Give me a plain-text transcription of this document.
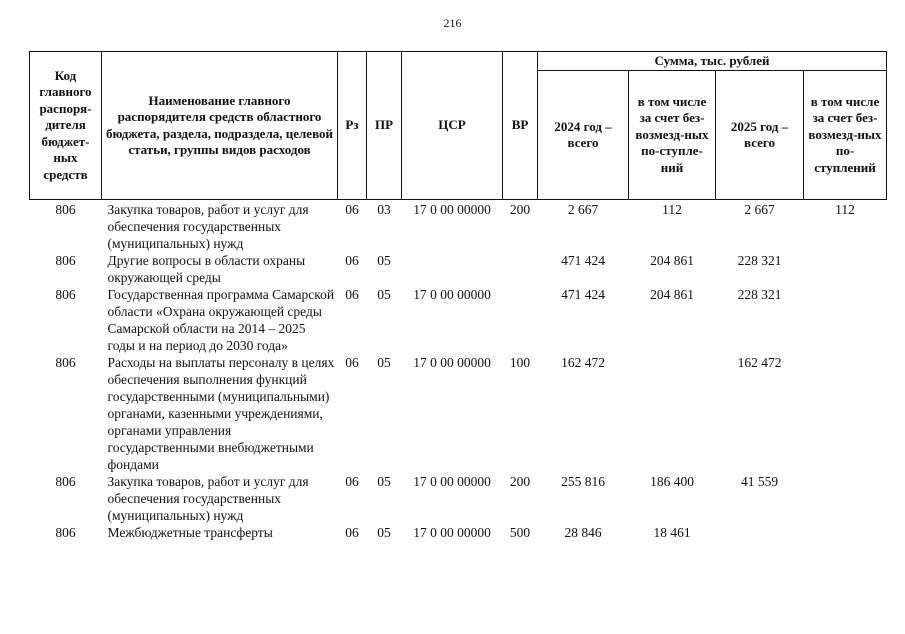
216
Код главного распоря-дителя бюджет-ных средств	Наименование главного распорядителя средств областного бюджета, раздела, подраздела, целевой статьи, группы видов расходов	Рз	ПР	ЦСР	ВР	Сумма, тыс. рублей			
						2024 год – всего	в том числе за счет без-возмезд-ных по-ступле-ний	2025 год – всего	в том числе за счет без-возмезд-ных по-ступлений
806	Закупка товаров, работ и услуг для обеспечения государственных (муниципальных) нужд	06	03	17 0 00 00000	200	2 667	112	2 667	112
806	Другие вопросы в области охраны окружающей среды	06	05			471 424	204 861	228 321	
806	Государственная программа Самарской области «Охрана окружающей среды Самарской области на 2014 – 2025 годы и на период до 2030 года»	06	05	17 0 00 00000		471 424	204 861	228 321	
806	Расходы на выплаты персоналу в целях обеспечения выполнения функций государственными (муниципальными) органами, казенными учреждениями, органами управления государственными внебюджетными фондами	06	05	17 0 00 00000	100	162 472		162 472	
806	Закупка товаров, работ и услуг для обеспечения государственных (муниципальных) нужд	06	05	17 0 00 00000	200	255 816	186 400	41 559	
806	Межбюджетные трансферты	06	05	17 0 00 00000	500	28 846	18 461		
